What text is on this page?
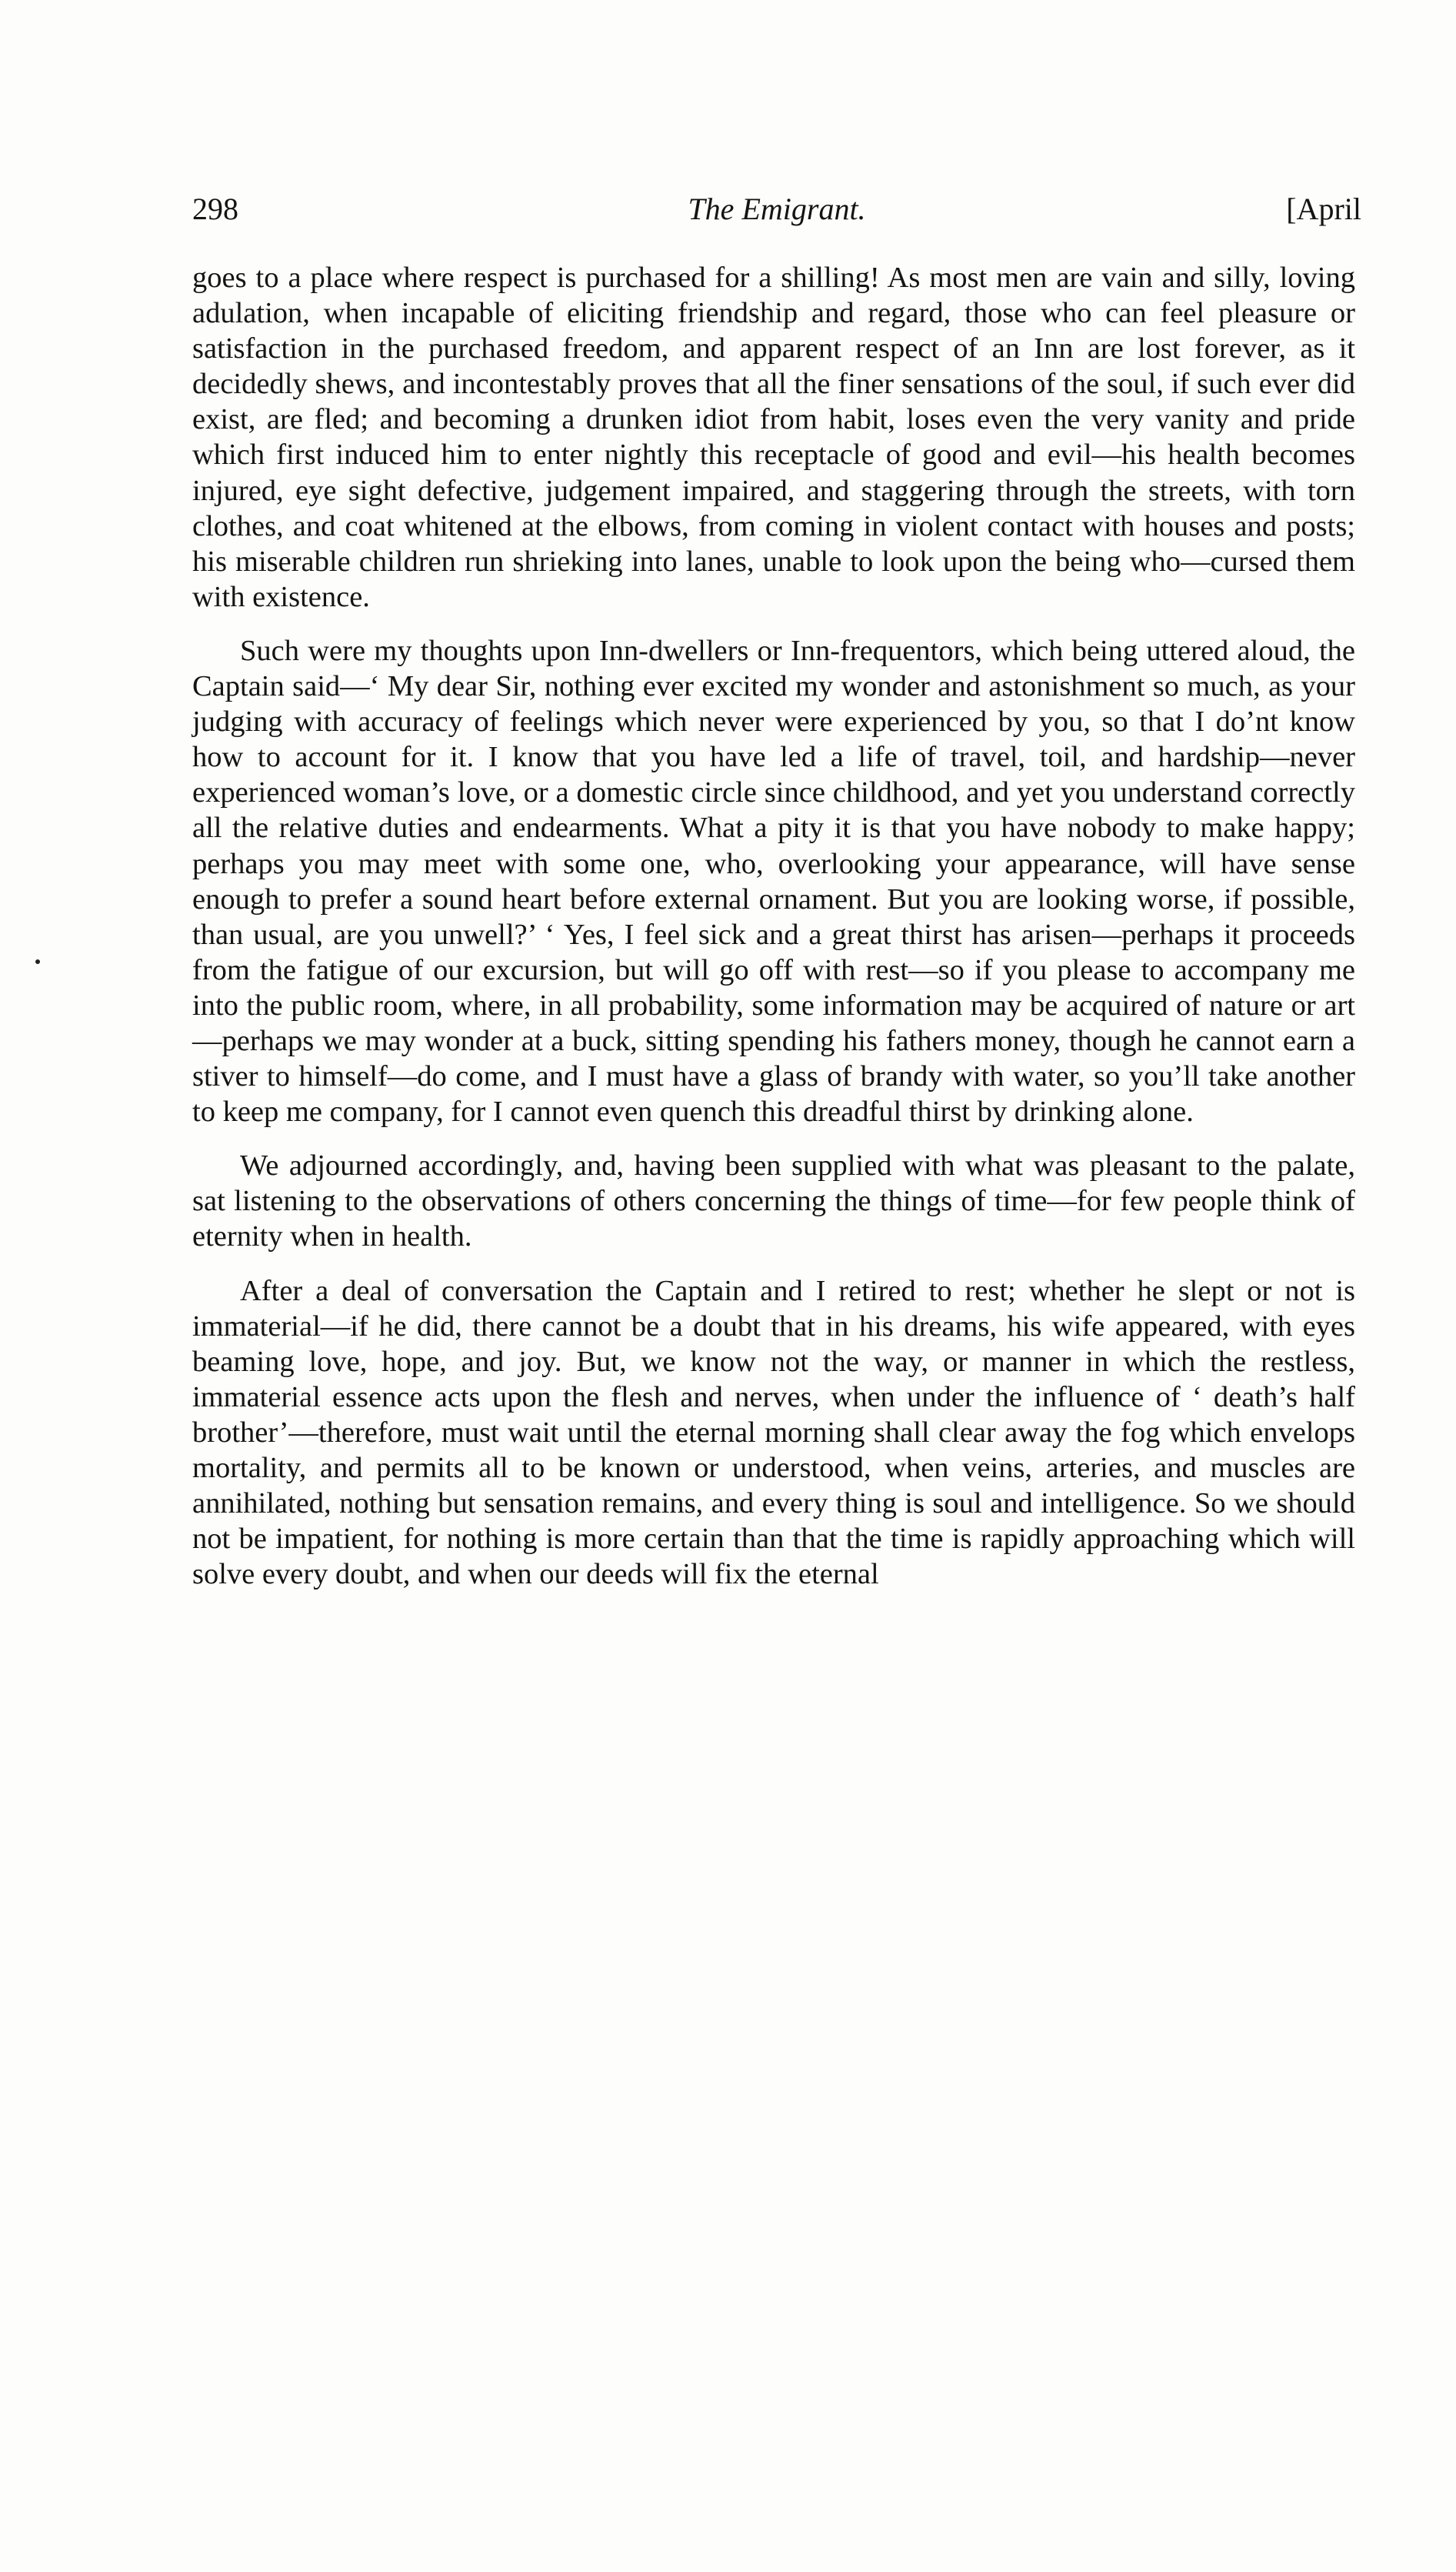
298	The Emigrant.	[April

goes to a place where respect is purchased for a shilling! As most men are vain and silly, loving adulation, when incapable of eliciting friendship and regard, those who can feel pleasure or satisfaction in the purchased freedom, and apparent respect of an Inn are lost forever, as it decidedly shews, and incontestably proves that all the finer sensations of the soul, if such ever did exist, are fled; and becoming a drunken idiot from habit, loses even the very vanity and pride which first induced him to enter nightly this receptacle of good and evil—his health becomes injured, eye sight defective, judgement impaired, and staggering through the streets, with torn clothes, and coat whitened at the elbows, from coming in violent contact with houses and posts; his miserable children run shrieking into lanes, unable to look upon the being who—cursed them with existence.

Such were my thoughts upon Inn-dwellers or Inn-frequentors, which being uttered aloud, the Captain said—‘ My dear Sir, nothing ever excited my wonder and astonishment so much, as your judging with accuracy of feelings which never were experienced by you, so that I do’nt know how to account for it. I know that you have led a life of travel, toil, and hardship—never experienced woman’s love, or a domestic circle since childhood, and yet you understand correctly all the relative duties and endearments. What a pity it is that you have nobody to make happy; perhaps you may meet with some one, who, overlooking your appearance, will have sense enough to prefer a sound heart before external ornament. But you are looking worse, if possible, than usual, are you unwell?’ ‘ Yes, I feel sick and a great thirst has arisen—perhaps it proceeds from the fatigue of our excursion, but will go off with rest—so if you please to accompany me into the public room, where, in all probability, some information may be acquired of nature or art—perhaps we may wonder at a buck, sitting spending his fathers money, though he cannot earn a stiver to himself—do come, and I must have a glass of brandy with water, so you’ll take another to keep me company, for I cannot even quench this dreadful thirst by drinking alone.

We adjourned accordingly, and, having been supplied with what was pleasant to the palate, sat listening to the observations of others concerning the things of time—for few people think of eternity when in health.

After a deal of conversation the Captain and I retired to rest; whether he slept or not is immaterial—if he did, there cannot be a doubt that in his dreams, his wife appeared, with eyes beaming love, hope, and joy. But, we know not the way, or manner in which the restless, immaterial essence acts upon the flesh and nerves, when under the influence of ‘ death’s half brother’—therefore, must wait until the eternal morning shall clear away the fog which envelops mortality, and permits all to be known or understood, when veins, arteries, and muscles are annihilated, nothing but sensation remains, and every thing is soul and intelligence. So we should not be impatient, for nothing is more certain than that the time is rapidly approaching which will solve every doubt, and when our deeds will fix the eternal
